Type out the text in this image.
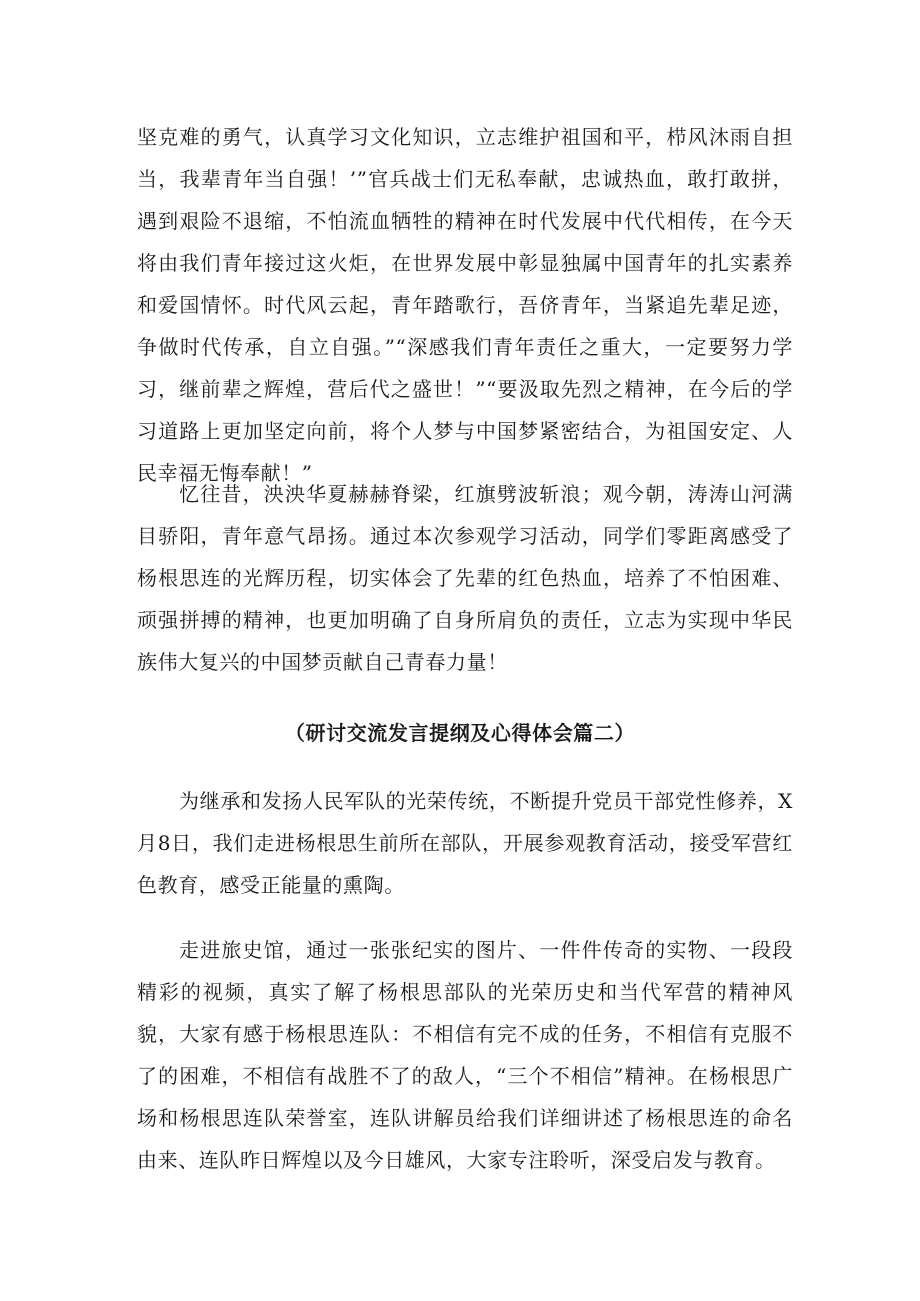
坚克难的勇气，认真学习文化知识，立志维护祖国和平，栉风沐雨自担当，我辈青年当自强！’”官兵战士们无私奉献，忠诚热血，敢打敢拼，遇到艰险不退缩，不怕流血牺牲的精神在时代发展中代代相传，在今天将由我们青年接过这火炬，在世界发展中彰显独属中国青年的扎实素养和爱国情怀。时代风云起，青年踏歌行，吾侪青年，当紧追先辈足迹，争做时代传承，自立自强。”“深感我们青年责任之重大，一定要努力学习，继前辈之辉煌，营后代之盛世！”“要汲取先烈之精神，在今后的学习道路上更加坚定向前，将个人梦与中国梦紧密结合，为祖国安定、人民幸福无悔奉献！”

忆往昔，泱泱华夏赫赫脊梁，红旗劈波斩浪；观今朝，涛涛山河满目骄阳，青年意气昂扬。通过本次参观学习活动，同学们零距离感受了杨根思连的光辉历程，切实体会了先辈的红色热血，培养了不怕困难、顽强拼搏的精神，也更加明确了自身所肩负的责任，立志为实现中华民族伟大复兴的中国梦贡献自己青春力量！

（研讨交流发言提纲及心得体会篇二）

为继承和发扬人民军队的光荣传统，不断提升党员干部党性修养，X月8日，我们走进杨根思生前所在部队，开展参观教育活动，接受军营红色教育，感受正能量的熏陶。

走进旅史馆，通过一张张纪实的图片、一件件传奇的实物、一段段精彩的视频，真实了解了杨根思部队的光荣历史和当代军营的精神风貌，大家有感于杨根思连队：不相信有完不成的任务，不相信有克服不了的困难，不相信有战胜不了的敌人，“三个不相信”精神。在杨根思广场和杨根思连队荣誉室，连队讲解员给我们详细讲述了杨根思连的命名由来、连队昨日辉煌以及今日雄风，大家专注聆听，深受启发与教育。
